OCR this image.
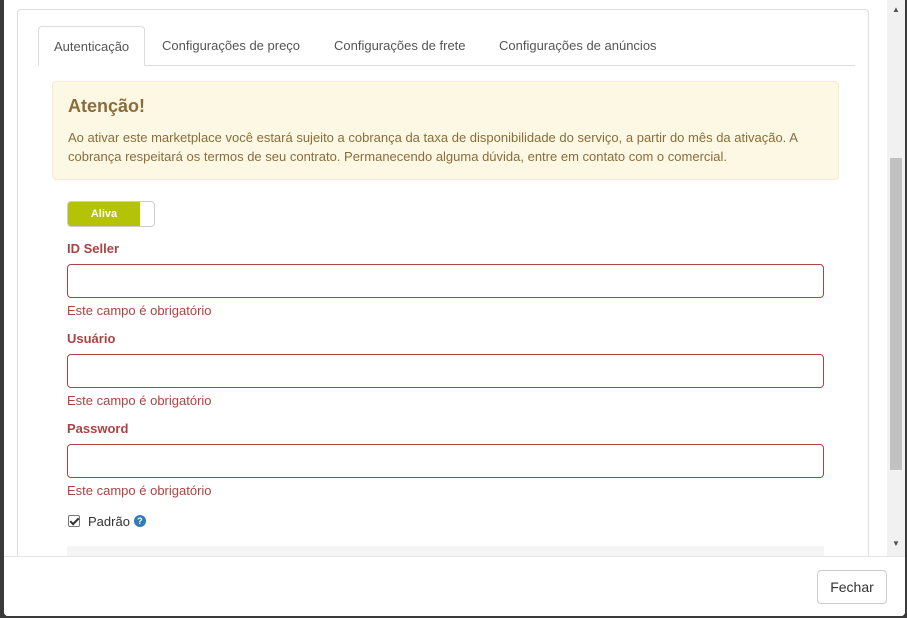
Autenticação	Configurações de preço	Configurações de frete	Configurações de anúncios
Atenção!

Ao ativar este marketplace você estará sujeito a cobrança da taxa de disponibilidade do serviço, a partir do mês da ativação. A cobrança respeitará os termos de seu contrato. Permanecendo alguma dúvida, entre em contato com o comercial.

Aliva
ID Seller
Este campo é obrigatório
Usuário
Este campo é obrigatório
Password
Este campo é obrigatório
Padrão ?
▲
▼
Fechar
